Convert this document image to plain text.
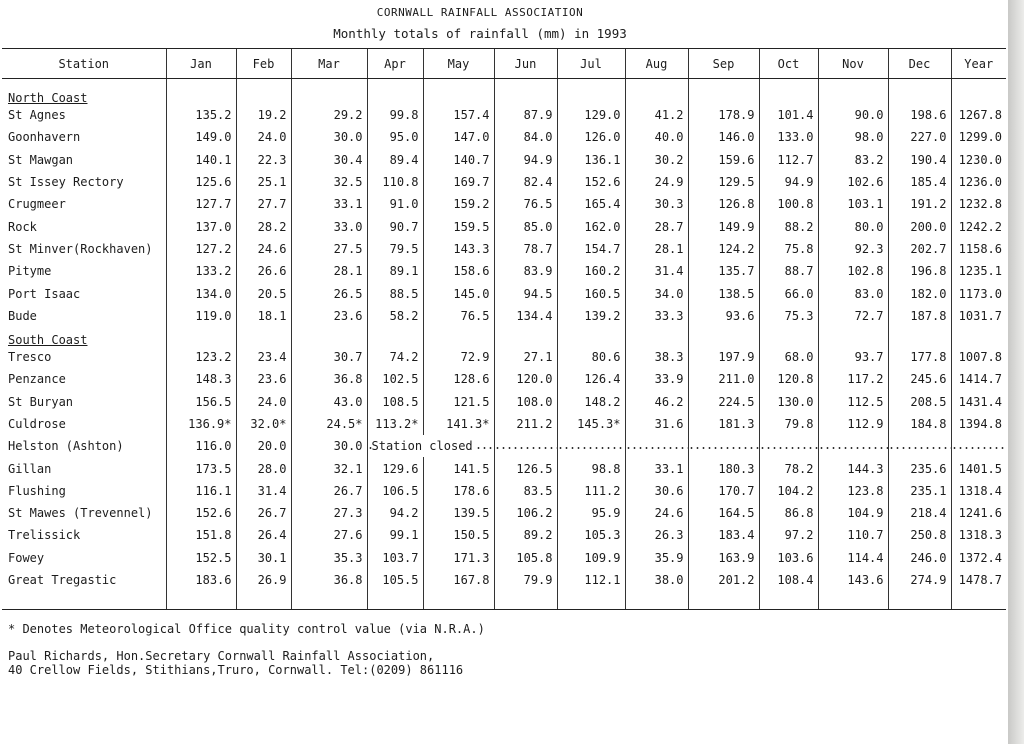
CORNWALL RAINFALL ASSOCIATION
Monthly totals of rainfall (mm) in 1993
Station	Jan	Feb	Mar	Apr	May	Jun	Jul	Aug	Sep	Oct	Nov	Dec	Year

North Coast													
St Agnes	135.2	19.2	29.2	99.8	157.4	87.9	129.0	41.2	178.9	101.4	90.0	198.6	1267.8
Goonhavern	149.0	24.0	30.0	95.0	147.0	84.0	126.0	40.0	146.0	133.0	98.0	227.0	1299.0
St Mawgan	140.1	22.3	30.4	89.4	140.7	94.9	136.1	30.2	159.6	112.7	83.2	190.4	1230.0
St Issey Rectory	125.6	25.1	32.5	110.8	169.7	82.4	152.6	24.9	129.5	94.9	102.6	185.4	1236.0
Crugmeer	127.7	27.7	33.1	91.0	159.2	76.5	165.4	30.3	126.8	100.8	103.1	191.2	1232.8
Rock	137.0	28.2	33.0	90.7	159.5	85.0	162.0	28.7	149.9	88.2	80.0	200.0	1242.2
St Minver(Rockhaven)	127.2	24.6	27.5	79.5	143.3	78.7	154.7	28.1	124.2	75.8	92.3	202.7	1158.6
Pityme	133.2	26.6	28.1	89.1	158.6	83.9	160.2	31.4	135.7	88.7	102.8	196.8	1235.1
Port Isaac	134.0	20.5	26.5	88.5	145.0	94.5	160.5	34.0	138.5	66.0	83.0	182.0	1173.0
Bude	119.0	18.1	23.6	58.2	76.5	134.4	139.2	33.3	93.6	75.3	72.7	187.8	1031.7
South Coast													
Tresco	123.2	23.4	30.7	74.2	72.9	27.1	80.6	38.3	197.9	68.0	93.7	177.8	1007.8
Penzance	148.3	23.6	36.8	102.5	128.6	120.0	126.4	33.9	211.0	120.8	117.2	245.6	1414.7
St Buryan	156.5	24.0	43.0	108.5	121.5	108.0	148.2	46.2	224.5	130.0	112.5	208.5	1431.4
Culdrose	136.9*	32.0*	24.5*	113.2*	141.3*	211.2	145.3*	31.6	181.3	79.8	112.9	184.8	1394.8
Helston (Ashton)	116.0	20.0	30.0	Station closed									
Gillan	173.5	28.0	32.1	129.6	141.5	126.5	98.8	33.1	180.3	78.2	144.3	235.6	1401.5
Flushing	116.1	31.4	26.7	106.5	178.6	83.5	111.2	30.6	170.7	104.2	123.8	235.1	1318.4
St Mawes (Trevennel)	152.6	26.7	27.3	94.2	139.5	106.2	95.9	24.6	164.5	86.8	104.9	218.4	1241.6
Trelissick	151.8	26.4	27.6	99.1	150.5	89.2	105.3	26.3	183.4	97.2	110.7	250.8	1318.3
Fowey	152.5	30.1	35.3	103.7	171.3	105.8	109.9	35.9	163.9	103.6	114.4	246.0	1372.4
Great Tregastic	183.6	26.9	36.8	105.5	167.8	79.9	112.1	38.0	201.2	108.4	143.6	274.9	1478.7

* Denotes Meteorological Office quality control value (via N.R.A.)
Paul Richards, Hon.Secretary Cornwall Rainfall Association,
40 Crellow Fields, Stithians,Truro, Cornwall. Tel:(0209) 861116
